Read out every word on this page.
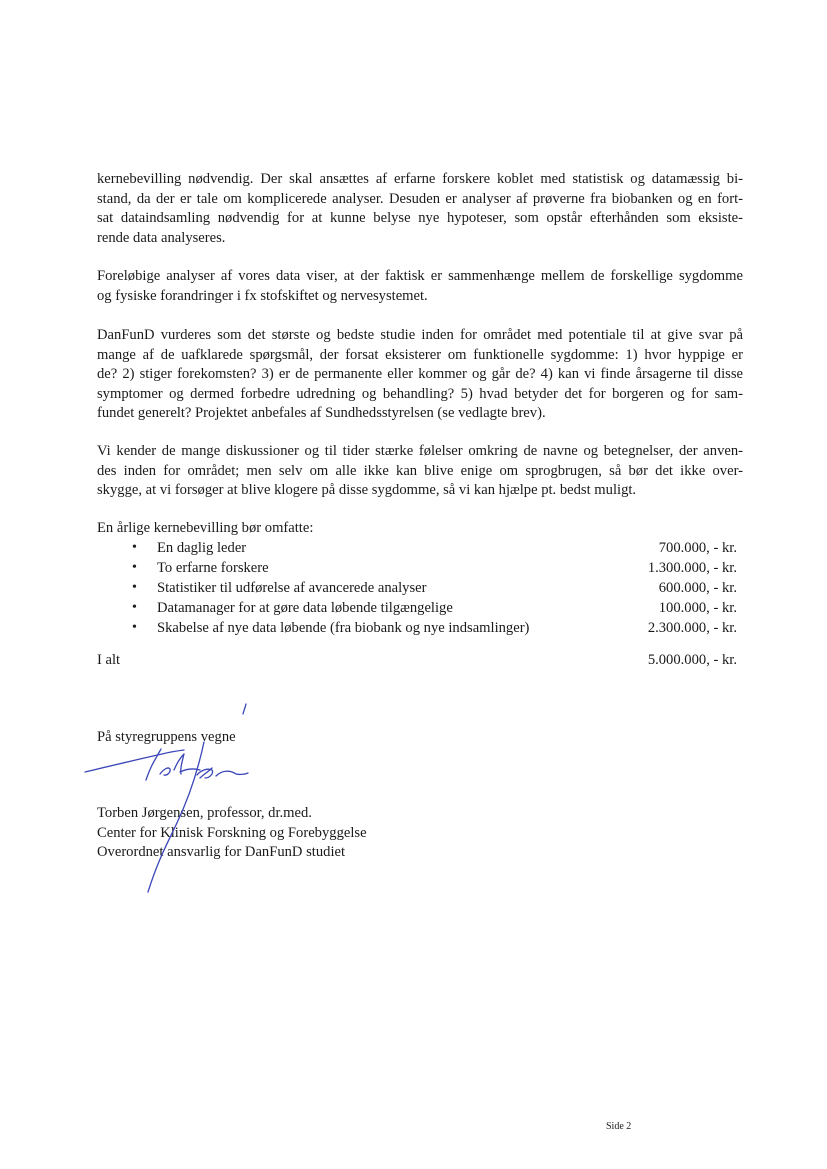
kernebevilling nødvendig. Der skal ansættes af erfarne forskere koblet med statistisk og datamæssig bi-
stand, da der er tale om komplicerede analyser. Desuden er analyser af prøverne fra biobanken og en fort-
sat dataindsamling nødvendig for at kunne belyse nye hypoteser, som opstår efterhånden som eksiste-
rende data analyseres.
Foreløbige analyser af vores data viser, at der faktisk er sammenhænge mellem de forskellige sygdomme
og fysiske forandringer i fx stofskiftet og nervesystemet.
DanFunD vurderes som det største og bedste studie inden for området med potentiale til at give svar på
mange af de uafklarede spørgsmål, der forsat eksisterer om funktionelle sygdomme: 1) hvor hyppige er
de? 2) stiger forekomsten? 3) er de permanente eller kommer og går de? 4) kan vi finde årsagerne til disse
symptomer og dermed forbedre udredning og behandling? 5) hvad betyder det for borgeren og for sam-
fundet generelt? Projektet anbefales af Sundhedsstyrelsen (se vedlagte brev).
Vi kender de mange diskussioner og til tider stærke følelser omkring de navne og betegnelser, der anven-
des inden for området; men selv om alle ikke kan blive enige om sprogbrugen, så bør det ikke over-
skygge, at vi forsøger at blive klogere på disse sygdomme, så vi kan hjælpe pt. bedst muligt.
En årlige kernebevilling bør omfatte:
• En daglig leder	700.000, - kr.
• To erfarne forskere	1.300.000, - kr.
• Statistiker til udførelse af avancerede analyser	600.000, - kr.
• Datamanager for at gøre data løbende tilgængelige	100.000, - kr.
• Skabelse af nye data løbende (fra biobank og nye indsamlinger)	2.300.000, - kr.
I alt	5.000.000, - kr.
På styregruppens vegne
Torben Jørgensen, professor, dr.med.
Center for Klinisk Forskning og Forebyggelse
Overordnet ansvarlig for DanFunD studiet
Side 2
